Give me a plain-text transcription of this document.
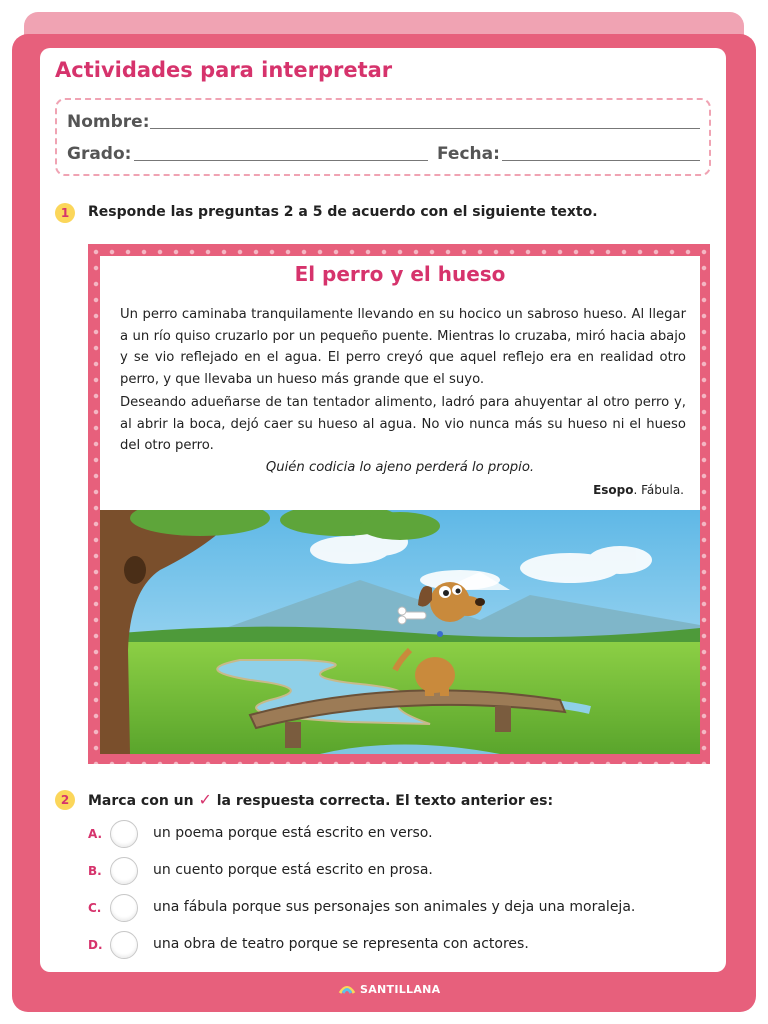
Actividades para interpretar
Nombre:
Grado:	Fecha:
1	Responde las preguntas 2 a 5 de acuerdo con el siguiente texto.
El perro y el hueso

Un perro caminaba tranquilamente llevando en su hocico un sabroso hueso. Al llegar a un río quiso cruzarlo por un pequeño puente. Mientras lo cruzaba, miró hacia abajo y se vio reflejado en el agua. El perro creyó que aquel reflejo era en realidad otro perro, y que llevaba un hueso más grande que el suyo.

Deseando adueñarse de tan tentador alimento, ladró para ahuyentar al otro perro y, al abrir la boca, dejó caer su hueso al agua. No vio nunca más su hueso ni el hueso del otro perro.

Quién codicia lo ajeno perderá lo propio.
Esopo. Fábula.
2	Marca con un ✓ la respuesta correcta. El texto anterior es:
A.	un poema porque está escrito en verso.
B.	un cuento porque está escrito en prosa.
C.	una fábula porque sus personajes son animales y deja una moraleja.
D.	una obra de teatro porque se representa con actores.
SANTILLANA
